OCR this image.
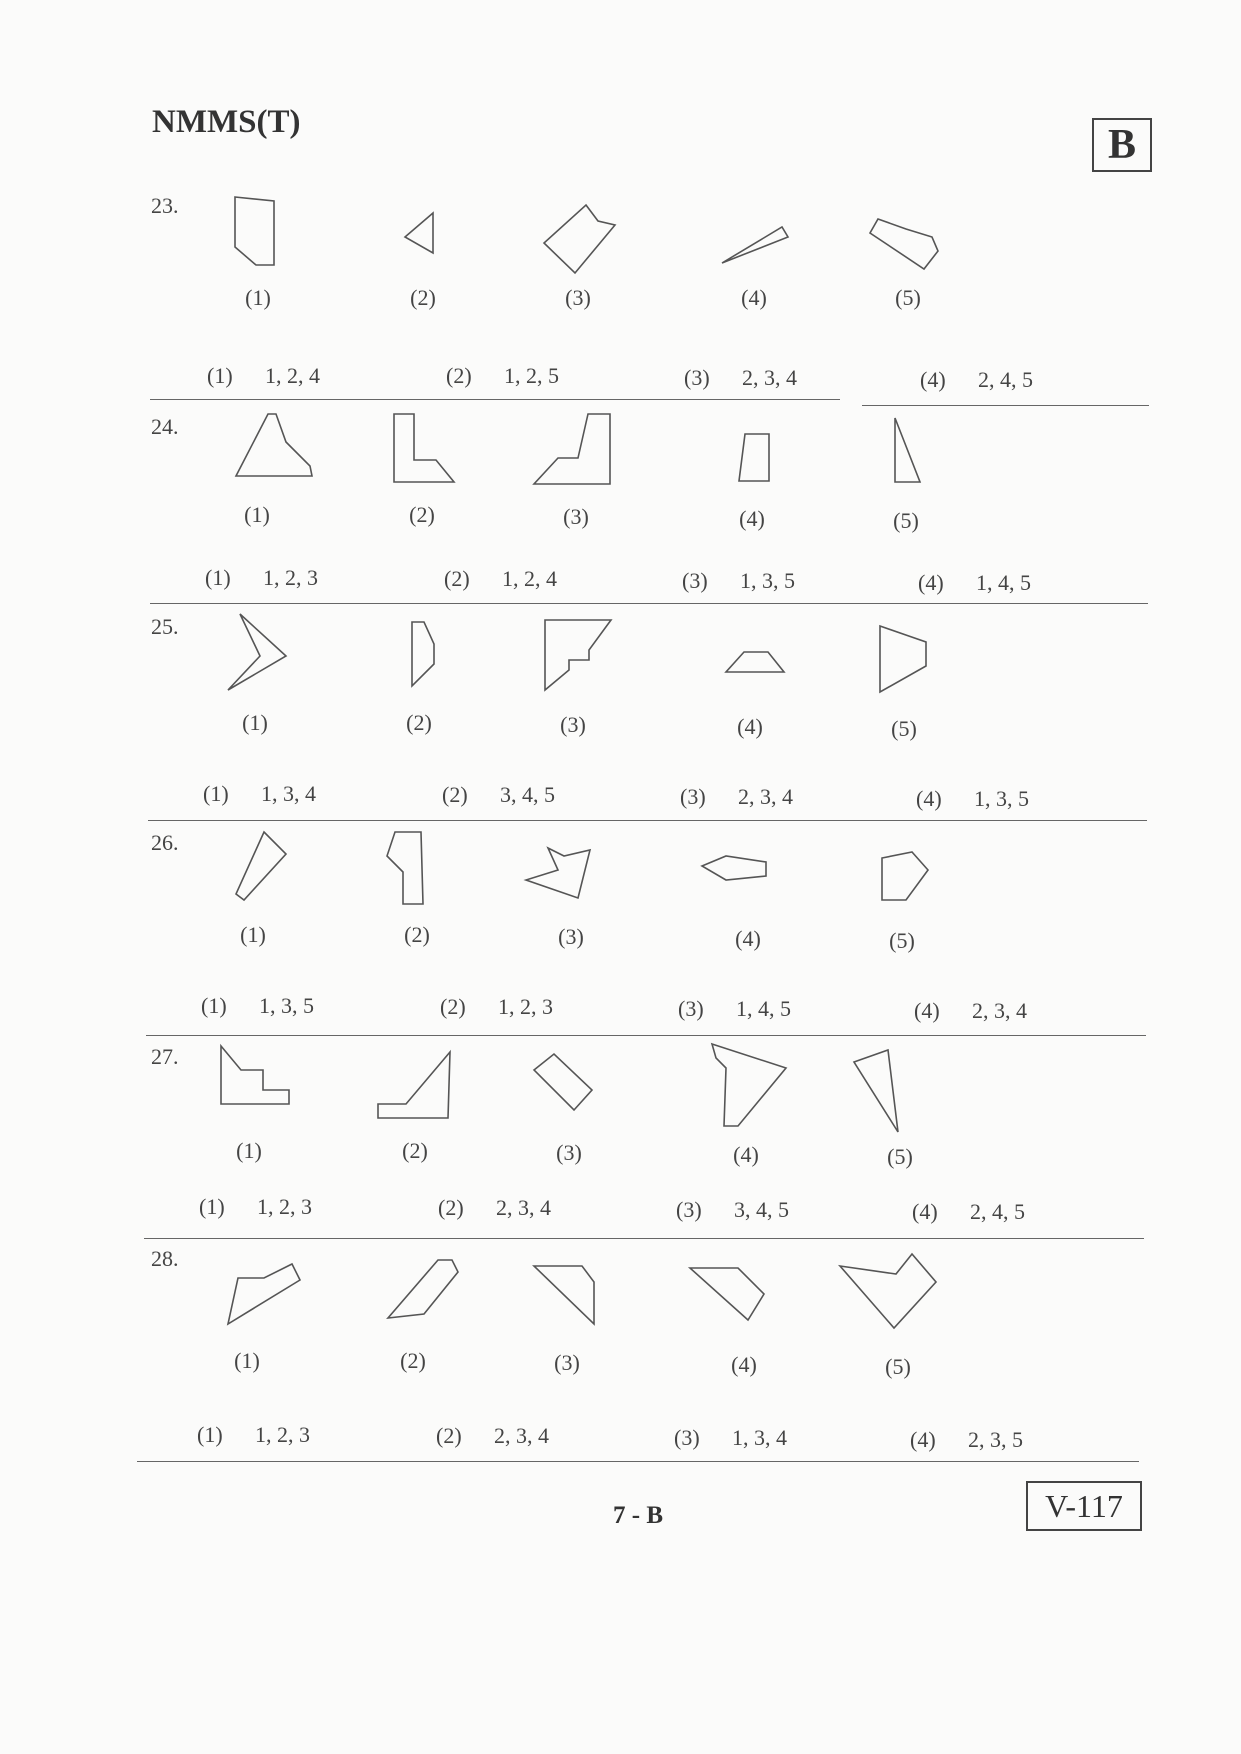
NMMS(T)	B
23.
(1)	(2)	(3)	(4)	(5)
(1) 1, 2, 4	(2) 1, 2, 5	(3) 2, 3, 4	(4) 2, 4, 5
24.
(1)	(2)	(3)	(4)	(5)
(1) 1, 2, 3	(2) 1, 2, 4	(3) 1, 3, 5	(4) 1, 4, 5
25.
(1)	(2)	(3)	(4)	(5)
(1) 1, 3, 4	(2) 3, 4, 5	(3) 2, 3, 4	(4) 1, 3, 5
26.
(1)	(2)	(3)	(4)	(5)
(1) 1, 3, 5	(2) 1, 2, 3	(3) 1, 4, 5	(4) 2, 3, 4
27.
(1)	(2)	(3)	(4)	(5)
(1) 1, 2, 3	(2) 2, 3, 4	(3) 3, 4, 5	(4) 2, 4, 5
28.
(1)	(2)	(3)	(4)	(5)
(1) 1, 2, 3	(2) 2, 3, 4	(3) 1, 3, 4	(4) 2, 3, 5
7 - B	V-117
